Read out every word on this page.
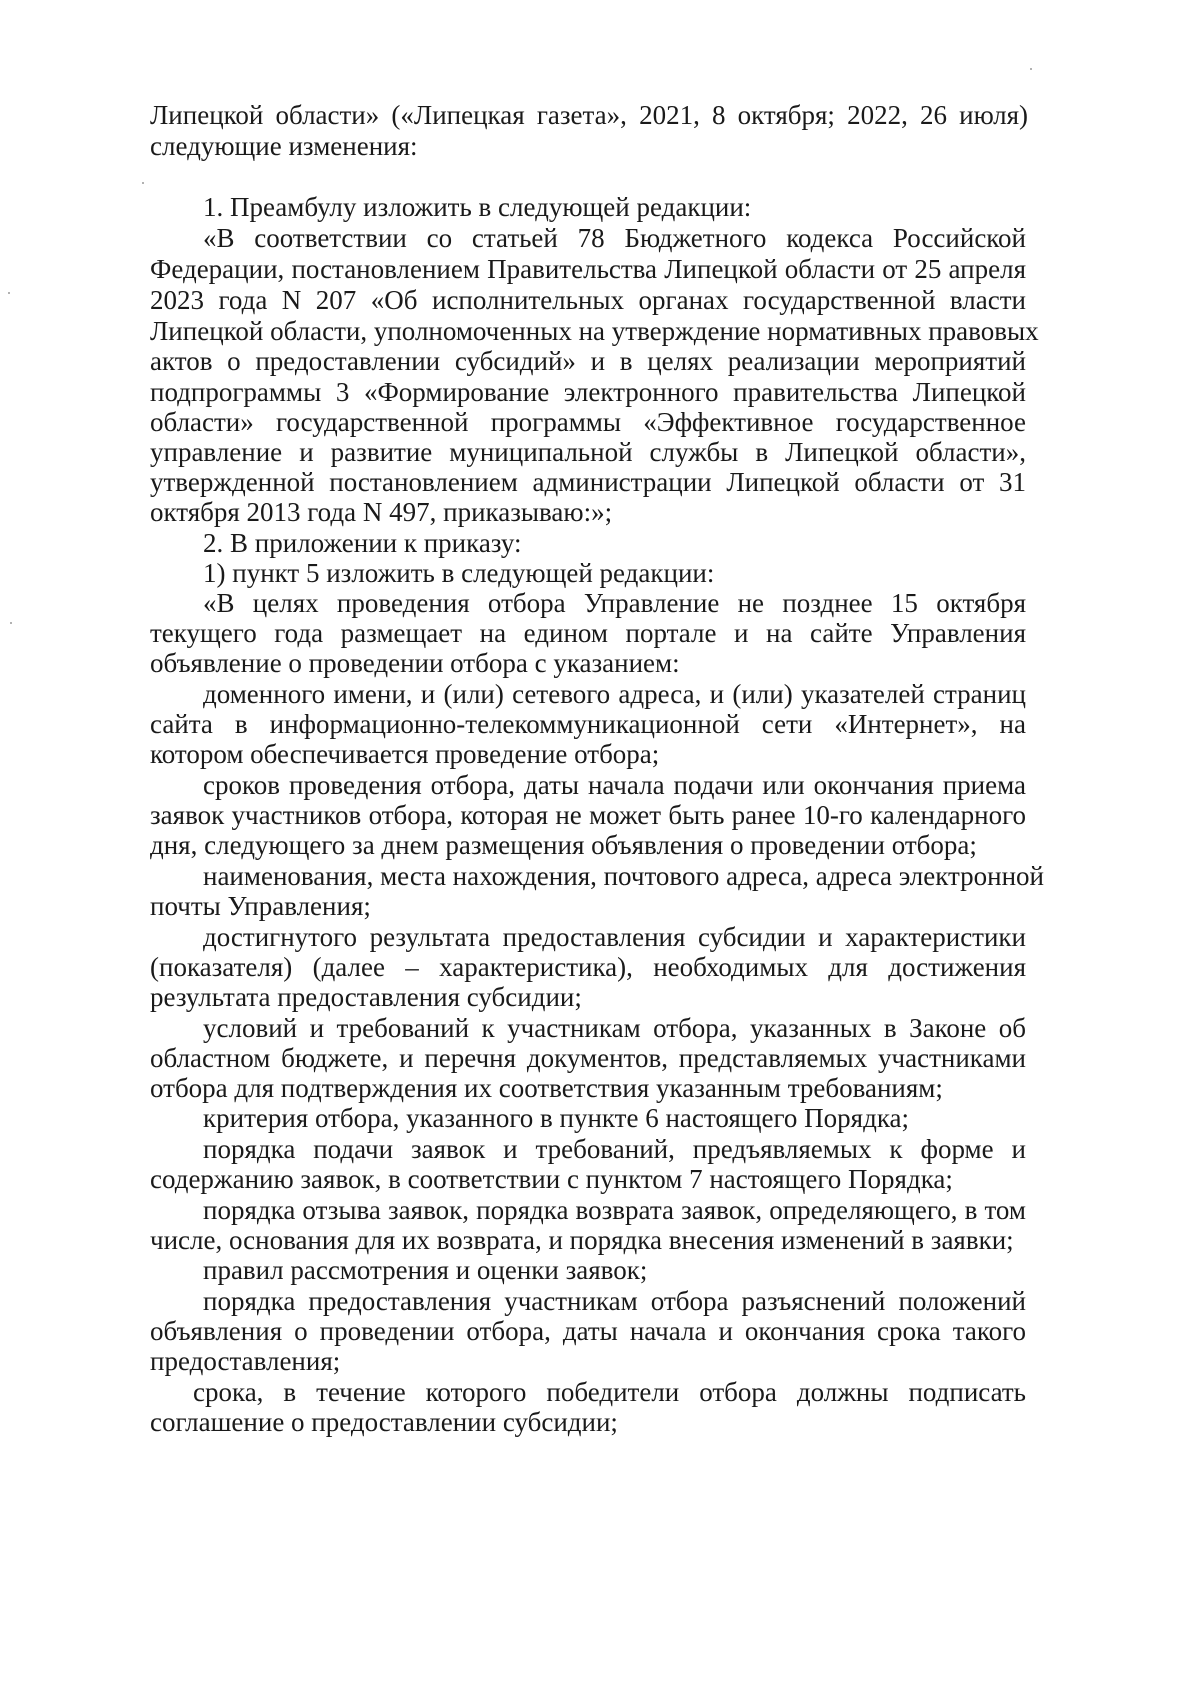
Липецкой области» («Липецкая газета», 2021, 8 октября; 2022, 26 июля)
следующие изменения:
1. Преамбулу изложить в следующей редакции:
«В соответствии со статьей 78 Бюджетного кодекса Российской
Федерации, постановлением Правительства Липецкой области от 25 апреля
2023 года N 207 «Об исполнительных органах государственной власти
Липецкой области, уполномоченных на утверждение нормативных правовых
актов о предоставлении субсидий» и в целях реализации мероприятий
подпрограммы 3 «Формирование электронного правительства Липецкой
области» государственной программы «Эффективное государственное
управление и развитие муниципальной службы в Липецкой области»,
утвержденной постановлением администрации Липецкой области от 31
октября 2013 года N 497, приказываю:»;
2. В приложении к приказу:
1) пункт 5 изложить в следующей редакции:
«В целях проведения отбора Управление не позднее 15 октября
текущего года размещает на едином портале и на сайте Управления
объявление о проведении отбора с указанием:
доменного имени, и (или) сетевого адреса, и (или) указателей страниц
сайта в информационно-телекоммуникационной сети «Интернет», на
котором обеспечивается проведение отбора;
сроков проведения отбора, даты начала подачи или окончания приема
заявок участников отбора, которая не может быть ранее 10-го календарного
дня, следующего за днем размещения объявления о проведении отбора;
наименования, места нахождения, почтового адреса, адреса электронной
почты Управления;
достигнутого результата предоставления субсидии и характеристики
(показателя) (далее – характеристика), необходимых для достижения
результата предоставления субсидии;
условий и требований к участникам отбора, указанных в Законе об
областном бюджете, и перечня документов, представляемых участниками
отбора для подтверждения их соответствия указанным требованиям;
критерия отбора, указанного в пункте 6 настоящего Порядка;
порядка подачи заявок и требований, предъявляемых к форме и
содержанию заявок, в соответствии с пунктом 7 настоящего Порядка;
порядка отзыва заявок, порядка возврата заявок, определяющего, в том
числе, основания для их возврата, и порядка внесения изменений в заявки;
правил рассмотрения и оценки заявок;
порядка предоставления участникам отбора разъяснений положений
объявления о проведении отбора, даты начала и окончания срока такого
предоставления;
срока, в течение которого победители отбора должны подписать
соглашение о предоставлении субсидии;
